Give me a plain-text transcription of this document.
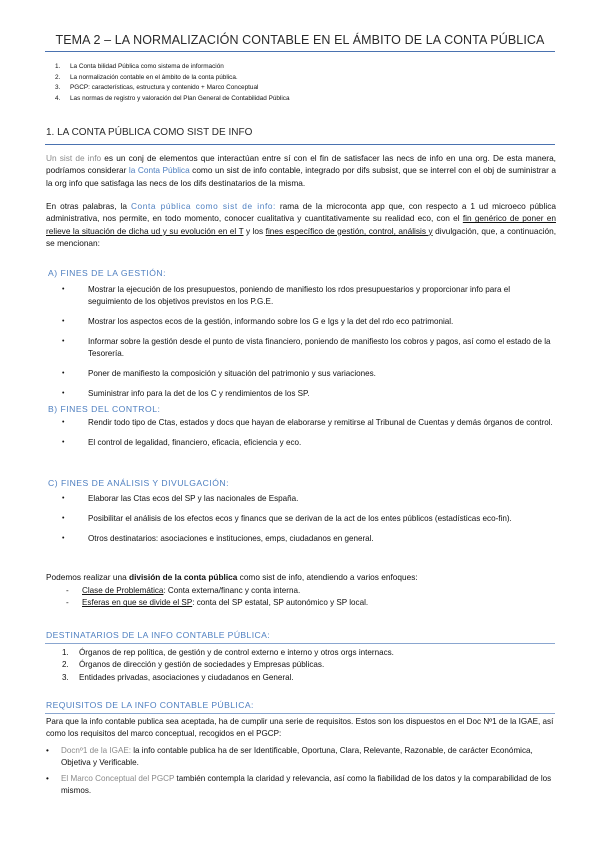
TEMA 2 – LA NORMALIZACIÓN CONTABLE EN EL ÁMBITO DE LA CONTA PÚBLICA
1. La Conta bilidad Pública como sistema de información
2. La normalización contable en el ámbito de la conta pública.
3. PGCP: características, estructura y contenido + Marco Conceptual
4. Las normas de registro y valoración del Plan General de Contabilidad Pública
1. LA CONTA PÚBLICA COMO SIST DE INFO
Un sist de info es un conj de elementos que interactúan entre sí con el fin de satisfacer las necs de info en una org. De esta manera, podríamos considerar la Conta Pública como un sist de info contable, integrado por difs subsist, que se interrel con el obj de suministrar a la org info que satisfaga las necs de los difs destinatarios de la misma.
En otras palabras, la Conta pública como sist de info: rama de la microconta app que, con respecto a 1 ud microeco pública administrativa, nos permite, en todo momento, conocer cualitativa y cuantitativamente su realidad eco, con el fin genérico de poner en relieve la situación de dicha ud y su evolución en el T y los fines específico de gestión, control, análisis y divulgación, que, a continuación, se mencionan:
A) FINES DE LA GESTIÓN:
•	Mostrar la ejecución de los presupuestos, poniendo de manifiesto los rdos presupuestarios y proporcionar info para el seguimiento de los objetivos previstos en los P.G.E.
•	Mostrar los aspectos ecos de la gestión, informando sobre los G e Igs y la det del rdo eco patrimonial.
•	Informar sobre la gestión desde el punto de vista financiero, poniendo de manifiesto los cobros y pagos, así como el estado de la Tesorería.
•	Poner de manifiesto la composición y situación del patrimonio y sus variaciones.
•	Suministrar info para la det de los C y rendimientos de los SP.
B) FINES DEL CONTROL:
•	Rendir todo tipo de Ctas, estados y docs que hayan de elaborarse y remitirse al Tribunal de Cuentas y demás órganos de control.
•	El control de legalidad, financiero, eficacia, eficiencia y eco.
C) FINES DE ANÁLISIS Y DIVULGACIÓN:
•	Elaborar las Ctas ecos del SP y las nacionales de España.
•	Posibilitar el análisis de los efectos ecos y financs que se derivan de la act de los entes públicos (estadísticas eco-fin).
•	Otros destinatarios: asociaciones e instituciones, emps, ciudadanos en general.
Podemos realizar una división de la conta pública como sist de info, atendiendo a varios enfoques:
- Clase de Problemática: Conta externa/financ y conta interna.
- Esferas en que se divide el SP: conta del SP estatal, SP autonómico y SP local.
DESTINATARIOS DE LA INFO CONTABLE PÚBLICA:
1. Órganos de rep política, de gestión y de control externo e interno y otros orgs internacs.
2. Órganos de dirección y gestión de sociedades y Empresas públicas.
3. Entidades privadas, asociaciones y ciudadanos en General.
REQUISITOS DE LA INFO CONTABLE PÚBLICA:
Para que la info contable publica sea aceptada, ha de cumplir una serie de requisitos. Estos son los dispuestos en el Doc Nº1 de la IGAE, así como los requisitos del marco conceptual, recogidos en el PGCP:
• Docnº1 de la IGAE: la info contable publica ha de ser Identificable, Oportuna, Clara, Relevante, Razonable, de carácter Económica, Objetiva y Verificable.
• El Marco Conceptual del PGCP también contempla la claridad y relevancia, así como la fiabilidad de los datos y la comparabilidad de los mismos.
